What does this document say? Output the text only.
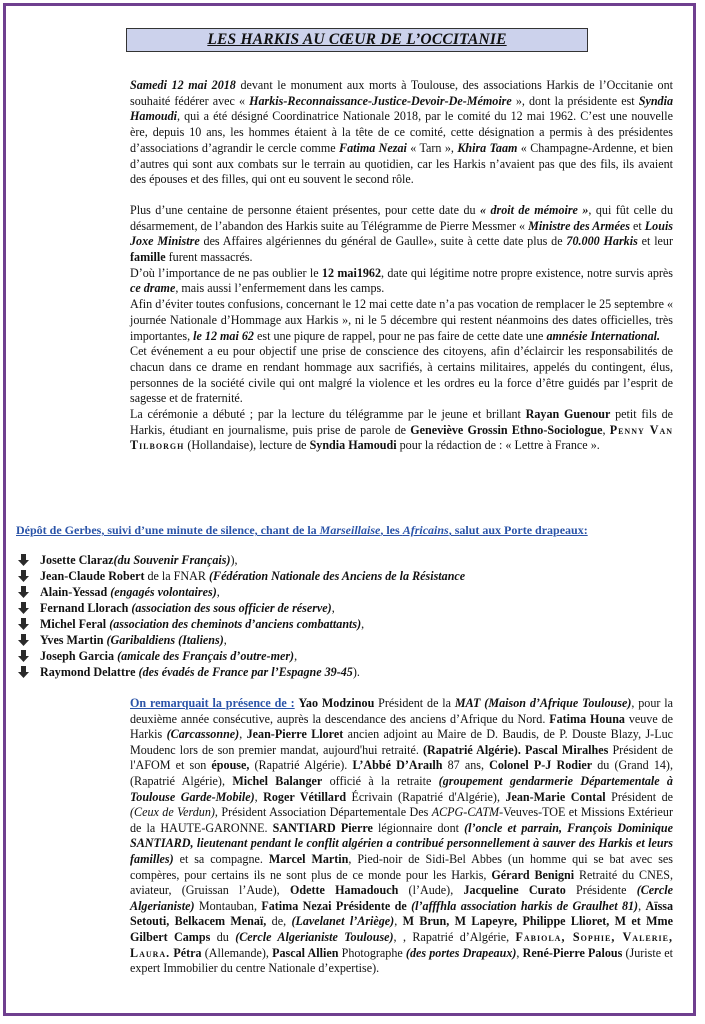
LES HARKIS AU CŒUR DE L’OCCITANIE

Samedi 12 mai 2018 devant le monument aux morts à Toulouse, des associations Harkis de l’Occitanie ont souhaité fédérer avec « Harkis-Reconnaissance-Justice-Devoir-De-Mémoire », dont la présidente est Syndia Hamoudi, qui a été désigné Coordinatrice Nationale 2018, par le comité du 12 mai 1962. C’est une nouvelle ère, depuis 10 ans, les hommes étaient à la tête de ce comité, cette désignation a permis à des présidentes d’associations d’agrandir le cercle comme Fatima Nezai « Tarn », Khira Taam « Champagne-Ardenne, et bien d’autres qui sont aux combats sur le terrain au quotidien, car les Harkis n’avaient pas que des fils, ils avaient des épouses et des filles, qui ont eu souvent le second rôle.

Plus d’une centaine de personne étaient présentes, pour cette date du « droit de mémoire », qui fût celle du désarmement, de l’abandon des Harkis suite au Télégramme de Pierre Messmer « Ministre des Armées et Louis Joxe Ministre des Affaires algériennes du général de Gaulle», suite à cette date plus de 70.000 Harkis et leur famille furent massacrés.

D’où l’importance de ne pas oublier le 12 mai1962, date qui légitime notre propre existence, notre survis après ce drame, mais aussi l’enfermement dans les camps.

Afin d’éviter toutes confusions, concernant le 12 mai cette date n’a pas vocation de remplacer le 25 septembre « journée Nationale d’Hommage aux Harkis », ni le 5 décembre qui restent néanmoins des dates officielles, très importantes, le 12 mai 62 est une piqure de rappel, pour ne pas faire de cette date une amnésie International.

Cet événement a eu pour objectif une prise de conscience des citoyens, afin d’éclaircir les responsabilités de chacun dans ce drame en rendant hommage aux sacrifiés, à certains militaires, appelés du contingent, élus, personnes de la société civile qui ont malgré la violence et les ordres eu la force d’être guidés par l’esprit de sagesse et de fraternité.

La cérémonie a débuté ; par la lecture du télégramme par le jeune et brillant Rayan Guenour petit fils de Harkis, étudiant en journalisme, puis prise de parole de Geneviève Grossin Ethno-Sociologue, Penny Van Tilborgh (Hollandaise), lecture de Syndia Hamoudi pour la rédaction de : « Lettre à France ».

Dépôt de Gerbes, suivi d’une minute de silence, chant de la Marseillaise, les Africains, salut aux Porte drapeaux:

Josette Claraz(du Souvenir Français)),
Jean-Claude Robert de la FNAR (Fédération Nationale des Anciens de la Résistance
Alain-Yessad (engagés volontaires),
Fernand Llorach (association des sous officier de réserve),
Michel Feral (association des cheminots d’anciens combattants),
Yves Martin (Garibaldiens (Italiens),
Joseph Garcia (amicale des Français d’outre-mer),
Raymond Delattre (des évadés de France par l’Espagne 39-45).

On remarquait la présence de : Yao Modzinou Président de la MAT (Maison d’Afrique Toulouse), pour la deuxième année consécutive, auprès la descendance des anciens d’Afrique du Nord. Fatima Houna veuve de Harkis (Carcassonne), Jean-Pierre Lloret ancien adjoint au Maire de D. Baudis, de P. Douste Blazy, J-Luc Moudenc lors de son premier mandat, aujourd'hui retraité. (Rapatrié Algérie). Pascal Miralhes Président de l'AFOM et son épouse, (Rapatrié Algérie). L’Abbé D’Araılh 87 ans, Colonel P-J Rodier du (Grand 14), (Rapatrié Algérie), Michel Balanger officié à la retraite (groupement gendarmerie Départementale à Toulouse Garde-Mobile), Roger Vétillard Écrivain (Rapatrié d'Algérie), Jean-Marie Contal Président de (Ceux de Verdun), Président Association Départementale Des ACPG-CATM-Veuves-TOE et Missions Extérieur de la HAUTE-GARONNE. SANTIARD Pierre légionnaire dont (l’oncle et parrain, François Dominique SANTIARD, lieutenant pendant le conflit algérien a contribué personnellement à sauver des Harkis et leurs familles) et sa compagne. Marcel Martin, Pied-noir de Sidi-Bel Abbes (un homme qui se bat avec ses compères, pour certains ils ne sont plus de ce monde pour les Harkis, Gérard Benigni Retraité du CNES, aviateur, (Gruissan l’Aude), Odette Hamadouch (l’Aude), Jacqueline Curato Présidente (Cercle Algerianiste) Montauban, Fatima Nezai Présidente de (l’afffhla association harkis de Graulhet 81), Aïssa Setouti, Belkacem Menaï, de, (Lavelanet l’Ariège), M Brun, M Lapeyre, Philippe Llioret, M et Mme Gilbert Camps du (Cercle Algerianiste Toulouse), , Rapatrié d’Algérie, Fabiola, Sophie, Valerie, Laura. Pétra (Allemande), Pascal Allien Photographe (des portes Drapeaux), René-Pierre Palous (Juriste et expert Immobilier du centre Nationale d’expertise).
